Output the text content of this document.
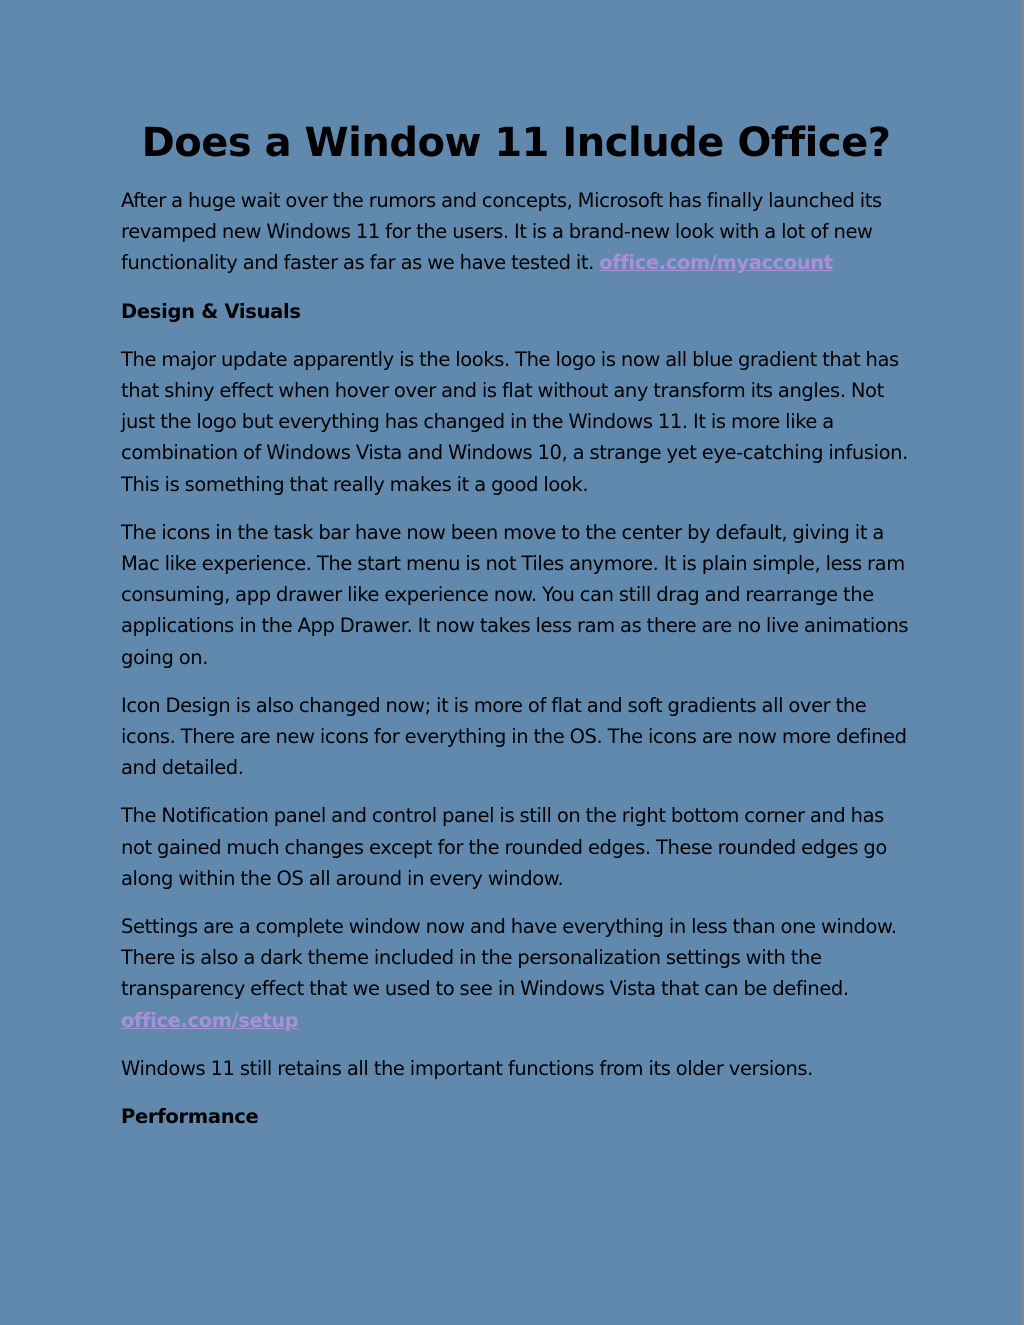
Does a Window 11 Include Office?

After a huge wait over the rumors and concepts, Microsoft has finally launched its revamped new Windows 11 for the users. It is a brand-new look with a lot of new functionality and faster as far as we have tested it. office.com/myaccount

Design & Visuals

The major update apparently is the looks. The logo is now all blue gradient that has that shiny effect when hover over and is flat without any transform its angles. Not just the logo but everything has changed in the Windows 11. It is more like a combination of Windows Vista and Windows 10, a strange yet eye-catching infusion. This is something that really makes it a good look.

The icons in the task bar have now been move to the center by default, giving it a Mac like experience. The start menu is not Tiles anymore. It is plain simple, less ram consuming, app drawer like experience now. You can still drag and rearrange the applications in the App Drawer. It now takes less ram as there are no live animations going on.

Icon Design is also changed now; it is more of flat and soft gradients all over the icons. There are new icons for everything in the OS. The icons are now more defined and detailed.

The Notification panel and control panel is still on the right bottom corner and has not gained much changes except for the rounded edges. These rounded edges go along within the OS all around in every window.

Settings are a complete window now and have everything in less than one window. There is also a dark theme included in the personalization settings with the transparency effect that we used to see in Windows Vista that can be defined. office.com/setup

Windows 11 still retains all the important functions from its older versions.

Performance
